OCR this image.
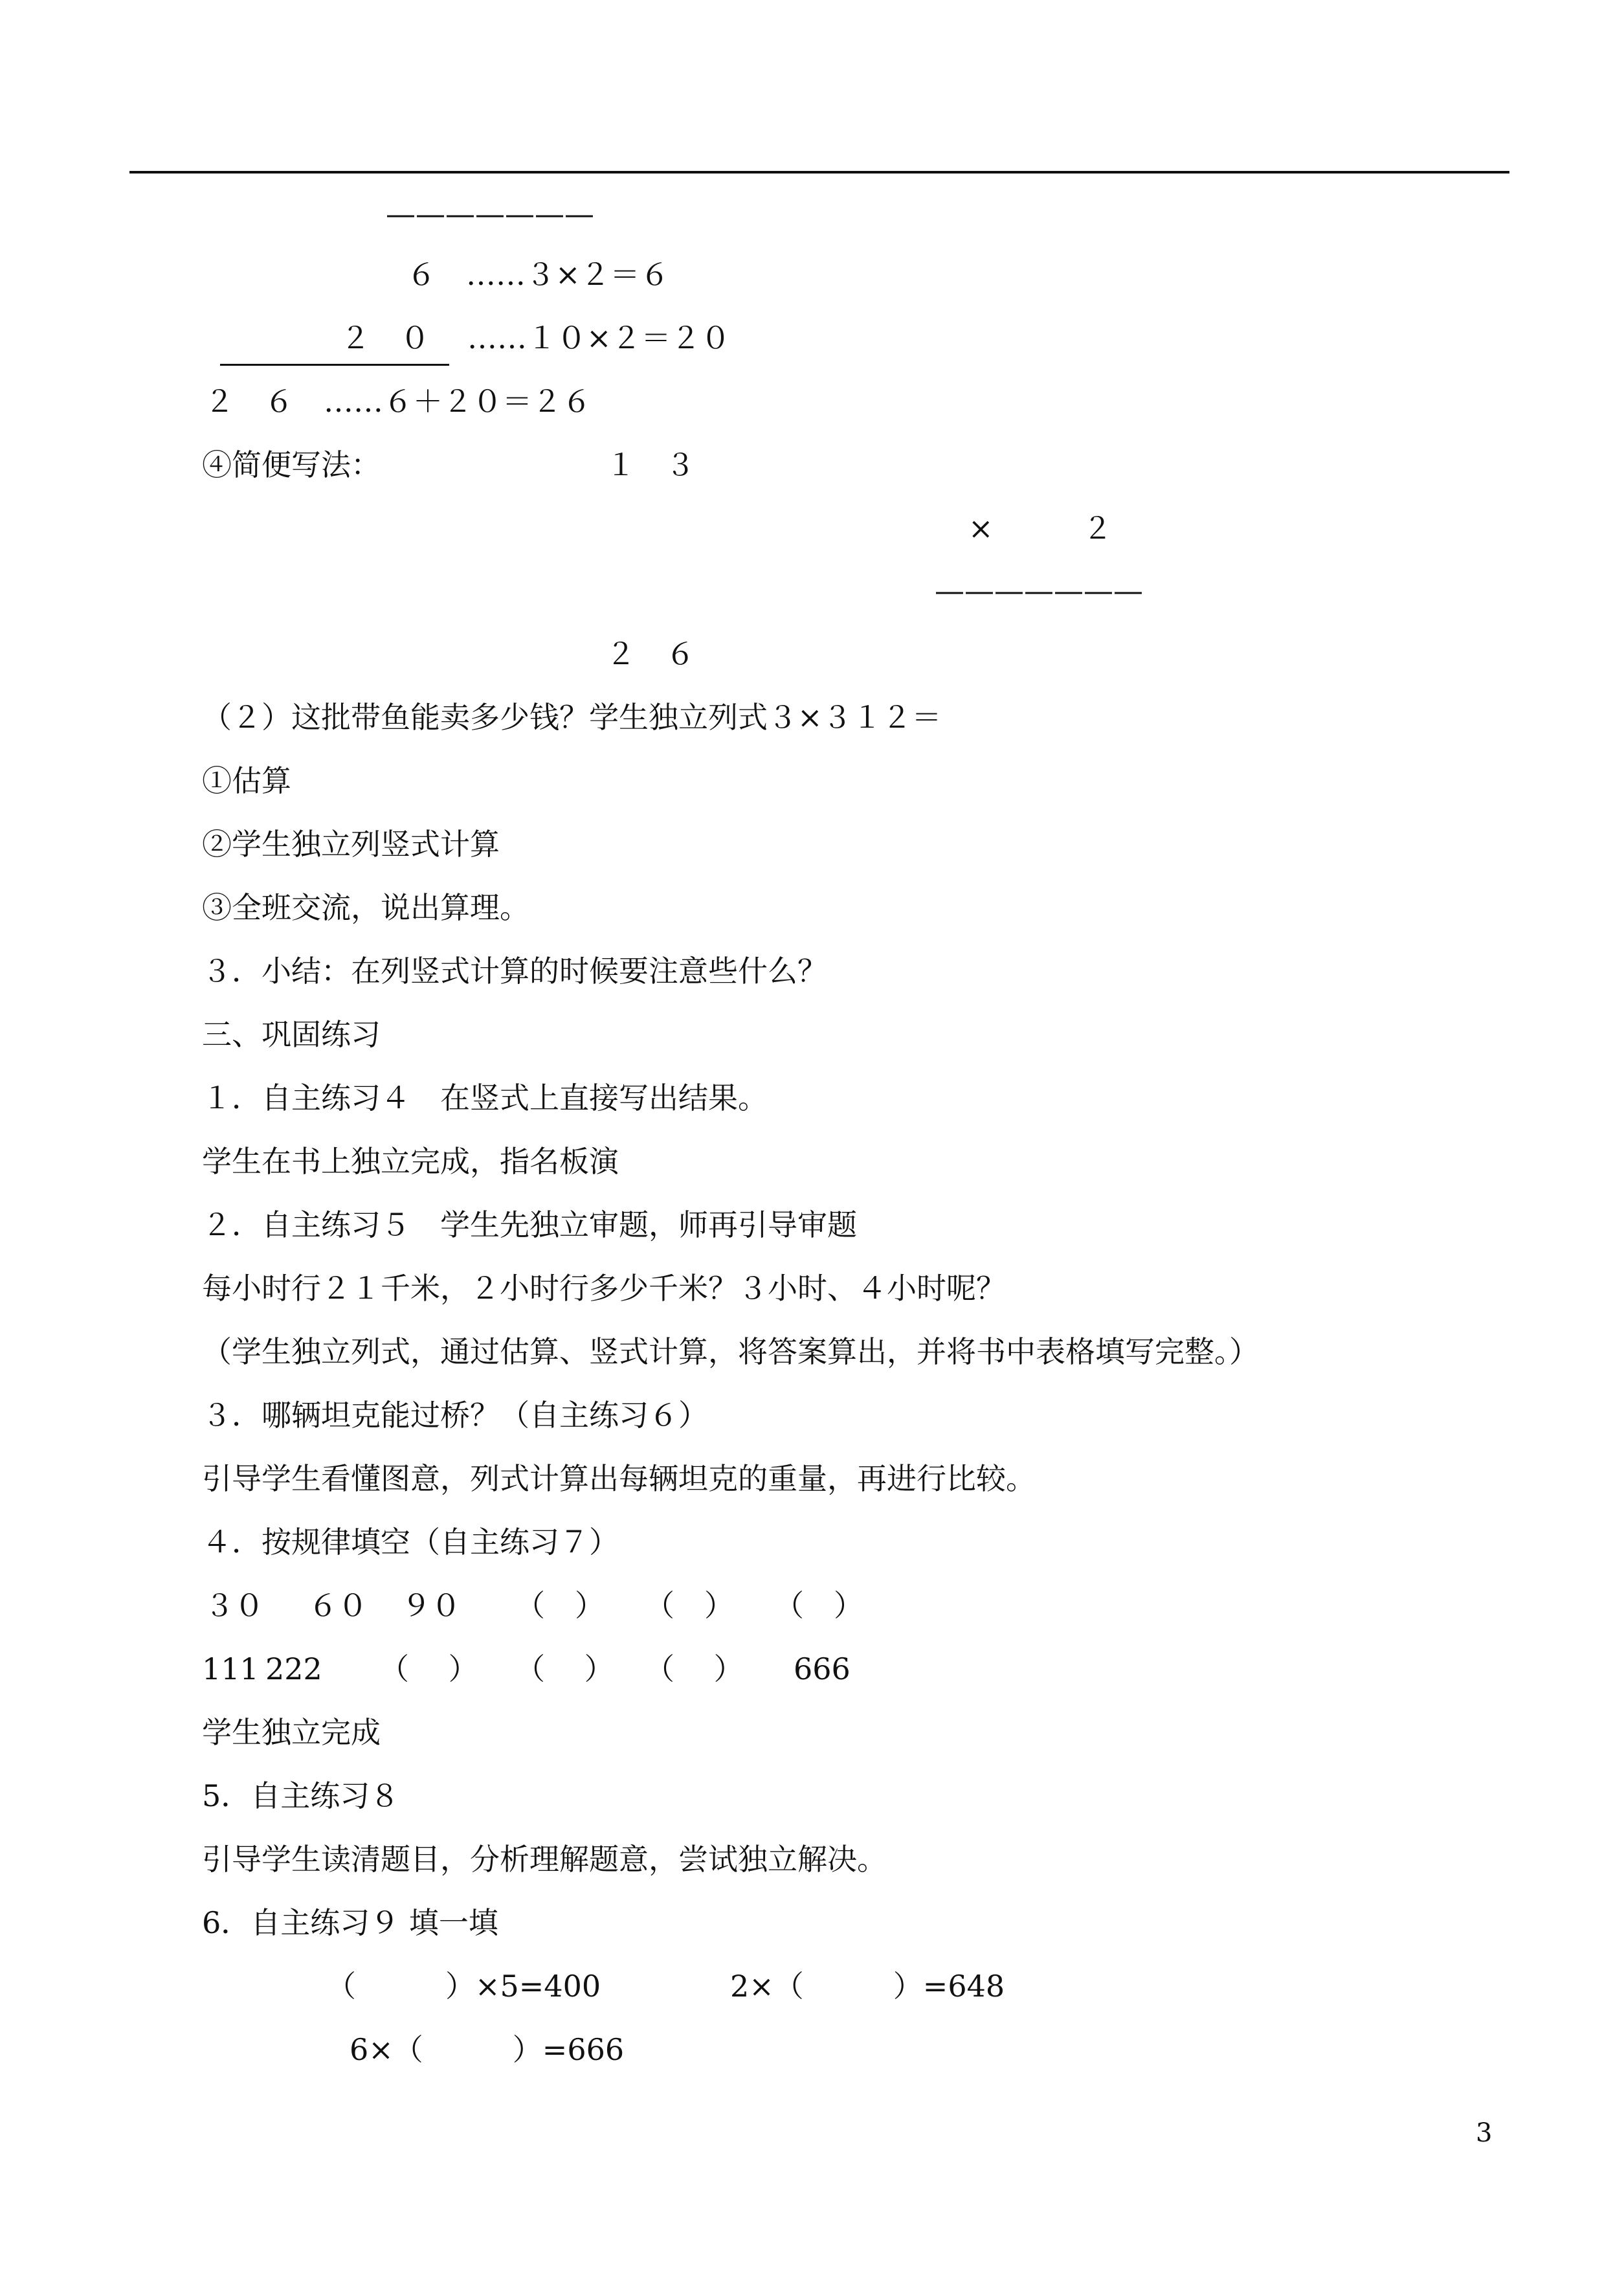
———————
６　……３×２＝６
２　０ ……１０×２＝２０
２　６　……６＋２０＝２６
④简便写法：	１　３
×　　　２
———————
２　６
（２）这批带鱼能卖多少钱？学生独立列式３×３１２＝
①估算
②学生独立列竖式计算
③全班交流，说出算理。
３．小结：在列竖式计算的时候要注意些什么？
三、巩固练习
１．自主练习４　在竖式上直接写出结果。
学生在书上独立完成，指名板演
２．自主练习５　学生先独立审题，师再引导审题
每小时行２１千米，２小时行多少千米？３小时、４小时呢？
（学生独立列式，通过估算、竖式计算，将答案算出，并将书中表格填写完整。）
３．哪辆坦克能过桥？（自主练习６）
引导学生看懂图意，列式计算出每辆坦克的重量，再进行比较。
４．按规律填空（自主练习７）
３０ ６０ ９０ （　） （　） （　）
111 222 （　 ） （　 ） （　 ） 666
学生独立完成
5．自主练习８
引导学生读清题目，分析理解题意，尝试独立解决。
6．自主练习９ 填一填
（　　　）×5=400	2×（　　　）=648
6×（　　　）=666
3
